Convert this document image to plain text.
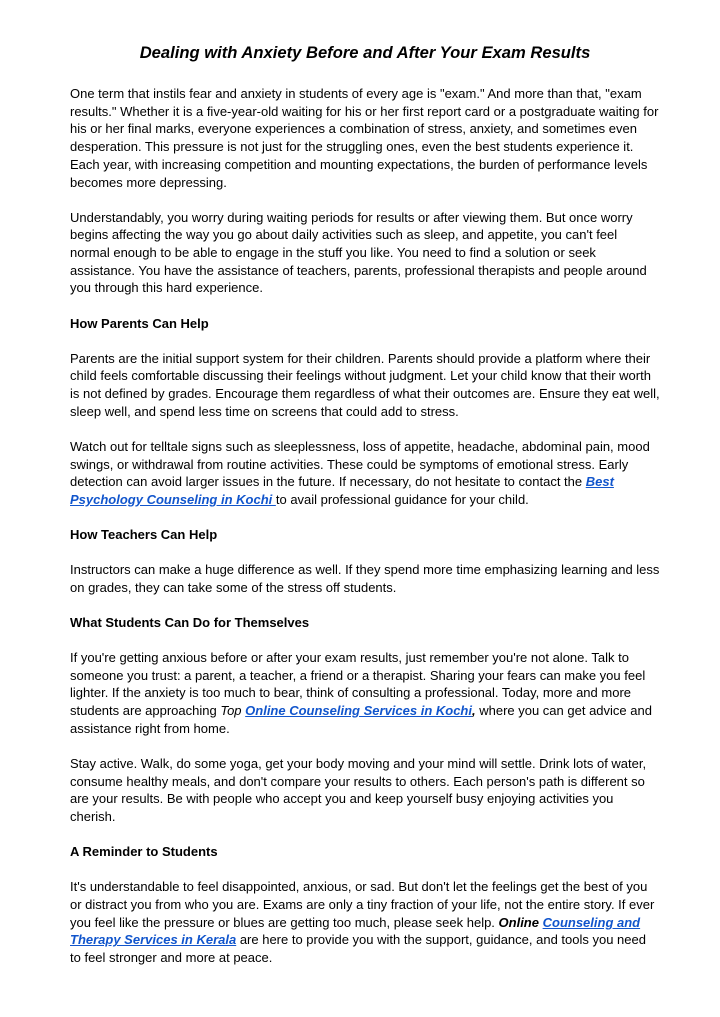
Dealing with Anxiety Before and After Your Exam Results

One term that instils fear and anxiety in students of every age is "exam." And more than that, "exam results." Whether it is a five-year-old waiting for his or her first report card or a postgraduate waiting for his or her final marks, everyone experiences a combination of stress, anxiety, and sometimes even desperation. This pressure is not just for the struggling ones, even the best students experience it. Each year, with increasing competition and mounting expectations, the burden of performance levels becomes more depressing.

Understandably, you worry during waiting periods for results or after viewing them. But once worry begins affecting the way you go about daily activities such as sleep, and appetite, you can't feel normal enough to be able to engage in the stuff you like. You need to find a solution or seek assistance. You have the assistance of teachers, parents, professional therapists and people around you through this hard experience.

How Parents Can Help

Parents are the initial support system for their children. Parents should provide a platform where their child feels comfortable discussing their feelings without judgment. Let your child know that their worth is not defined by grades. Encourage them regardless of what their outcomes are. Ensure they eat well, sleep well, and spend less time on screens that could add to stress.

Watch out for telltale signs such as sleeplessness, loss of appetite, headache, abdominal pain, mood swings, or withdrawal from routine activities. These could be symptoms of emotional stress. Early detection can avoid larger issues in the future. If necessary, do not hesitate to contact the Best Psychology Counseling in Kochi to avail professional guidance for your child.

How Teachers Can Help

Instructors can make a huge difference as well. If they spend more time emphasizing learning and less on grades, they can take some of the stress off students.

What Students Can Do for Themselves

If you're getting anxious before or after your exam results, just remember you're not alone. Talk to someone you trust: a parent, a teacher, a friend or a therapist. Sharing your fears can make you feel lighter. If the anxiety is too much to bear, think of consulting a professional. Today, more and more students are approaching Top Online Counseling Services in Kochi, where you can get advice and assistance right from home.

Stay active. Walk, do some yoga, get your body moving and your mind will settle. Drink lots of water, consume healthy meals, and don't compare your results to others. Each person's path is different so are your results. Be with people who accept you and keep yourself busy enjoying activities you cherish.

A Reminder to Students

It's understandable to feel disappointed, anxious, or sad. But don't let the feelings get the best of you or distract you from who you are. Exams are only a tiny fraction of your life, not the entire story. If ever you feel like the pressure or blues are getting too much, please seek help. Online Counseling and Therapy Services in Kerala are here to provide you with the support, guidance, and tools you need to feel stronger and more at peace.
